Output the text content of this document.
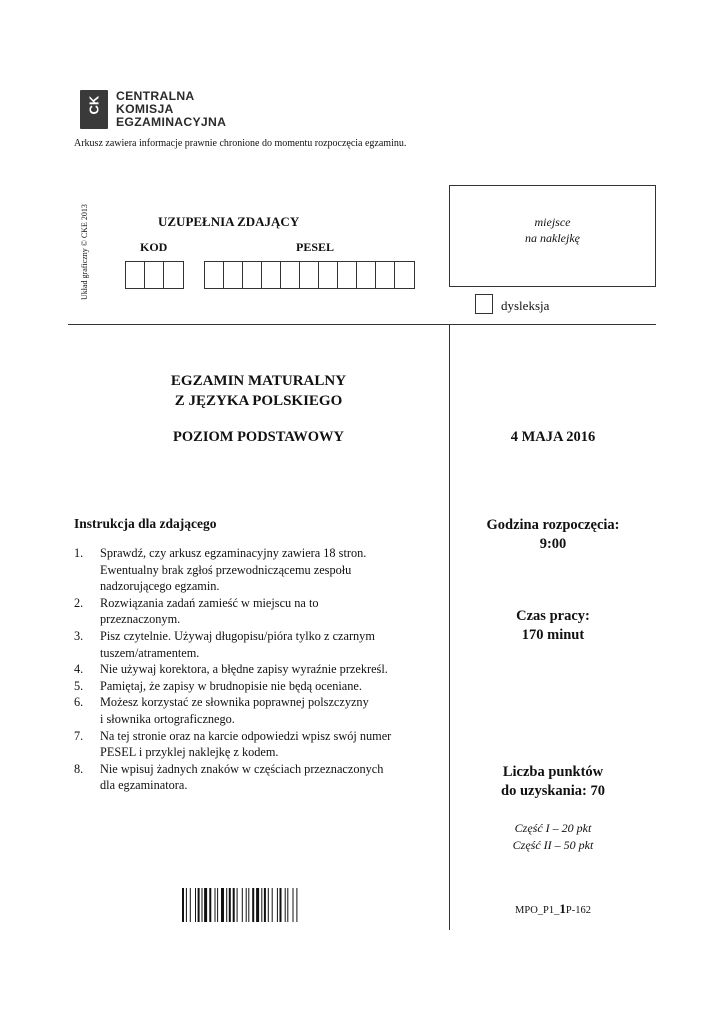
CK CENTRALNA
KOMISJA
EGZAMINACYJNA
Arkusz zawiera informacje prawnie chronione do momentu rozpoczęcia egzaminu.
Układ graficzny © CKE 2013	UZUPEŁNIA ZDAJĄCY
KOD	PESEL
miejsce
na naklejkę
dysleksja
EGZAMIN MATURALNY
Z JĘZYKA POLSKIEGO
POZIOM PODSTAWOWY	4 MAJA 2016
Instrukcja dla zdającego
1. Sprawdź, czy arkusz egzaminacyjny zawiera 18 stron.
Ewentualny brak zgłoś przewodniczącemu zespołu
nadzorującego egzamin.
2. Rozwiązania zadań zamieść w miejscu na to
przeznaczonym.
3. Pisz czytelnie. Używaj długopisu/pióra tylko z czarnym
tuszem/atramentem.
4. Nie używaj korektora, a błędne zapisy wyraźnie przekreśl.
5. Pamiętaj, że zapisy w brudnopisie nie będą oceniane.
6. Możesz korzystać ze słownika poprawnej polszczyzny
i słownika ortograficznego.
7. Na tej stronie oraz na karcie odpowiedzi wpisz swój numer
PESEL i przyklej naklejkę z kodem.
8. Nie wpisuj żadnych znaków w częściach przeznaczonych
dla egzaminatora.
Godzina rozpoczęcia:
9:00
Czas pracy:
170 minut
Liczba punktów
do uzyskania: 70
Część I – 20 pkt
Część II – 50 pkt
MPO_P1_1P-162
